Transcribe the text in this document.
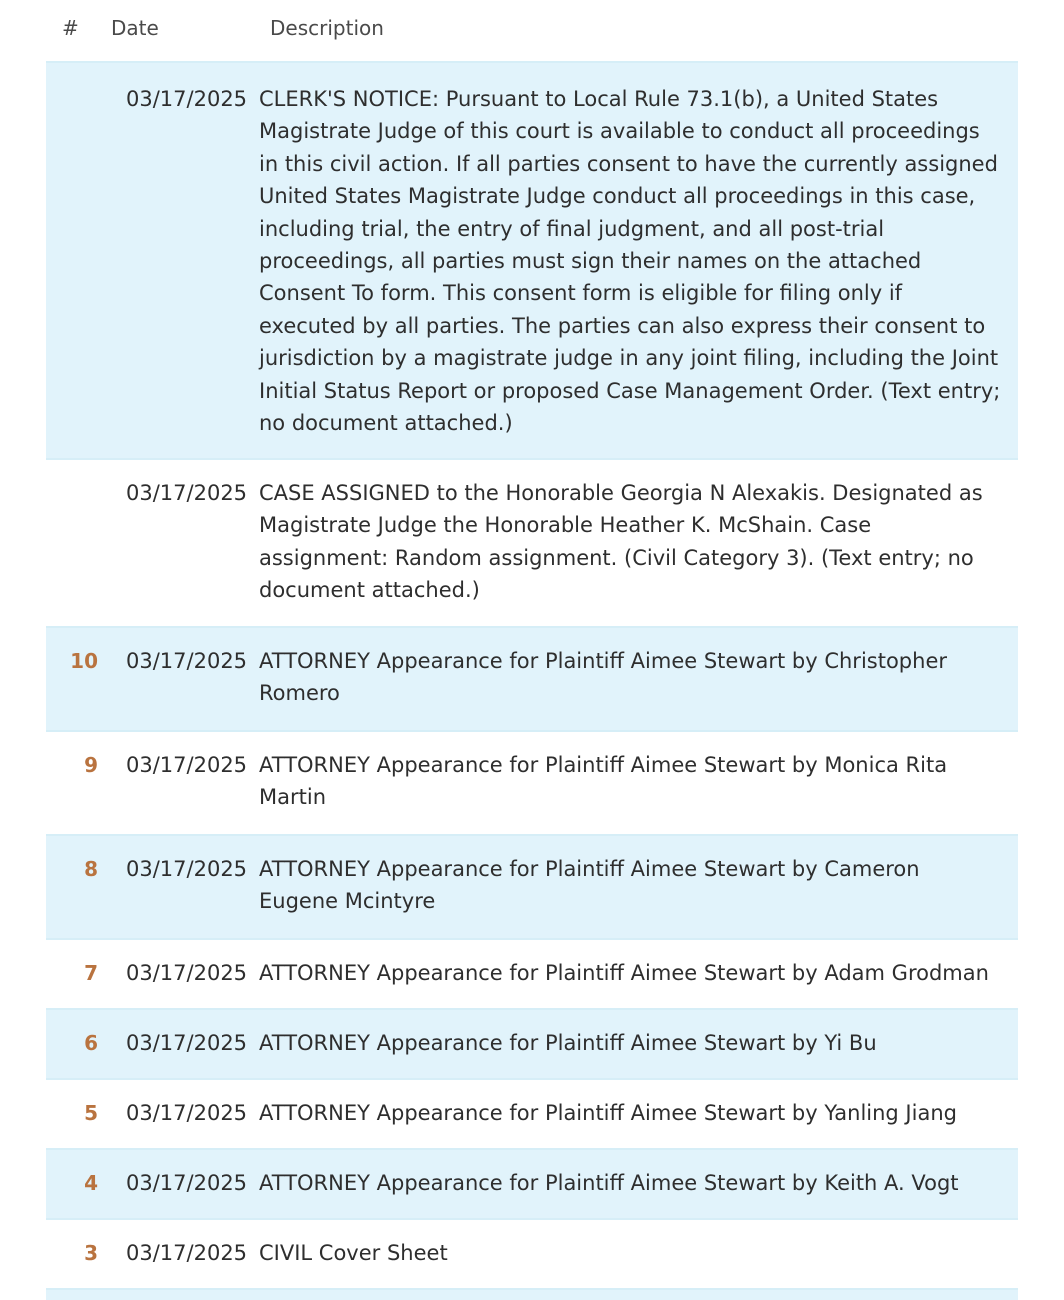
# Date	Description
03/17/2025 CLERK'S NOTICE: Pursuant to Local Rule 73.1(b), a United States Magistrate Judge of this court is available to conduct all proceedings in this civil action. If all parties consent to have the currently assigned United States Magistrate Judge conduct all proceedings in this case, including trial, the entry of final judgment, and all post-trial proceedings, all parties must sign their names on the attached Consent To form. This consent form is eligible for filing only if executed by all parties. The parties can also express their consent to jurisdiction by a magistrate judge in any joint filing, including the Joint Initial Status Report or proposed Case Management Order. (Text entry; no document attached.)
03/17/2025 CASE ASSIGNED to the Honorable Georgia N Alexakis. Designated as Magistrate Judge the Honorable Heather K. McShain. Case assignment: Random assignment. (Civil Category 3). (Text entry; no document attached.)
10 03/17/2025 ATTORNEY Appearance for Plaintiff Aimee Stewart by Christopher Romero
9 03/17/2025 ATTORNEY Appearance for Plaintiff Aimee Stewart by Monica Rita Martin
8 03/17/2025 ATTORNEY Appearance for Plaintiff Aimee Stewart by Cameron Eugene Mcintyre
7 03/17/2025 ATTORNEY Appearance for Plaintiff Aimee Stewart by Adam Grodman
6 03/17/2025 ATTORNEY Appearance for Plaintiff Aimee Stewart by Yi Bu
5 03/17/2025 ATTORNEY Appearance for Plaintiff Aimee Stewart by Yanling Jiang
4 03/17/2025 ATTORNEY Appearance for Plaintiff Aimee Stewart by Keith A. Vogt
3 03/17/2025 CIVIL Cover Sheet
